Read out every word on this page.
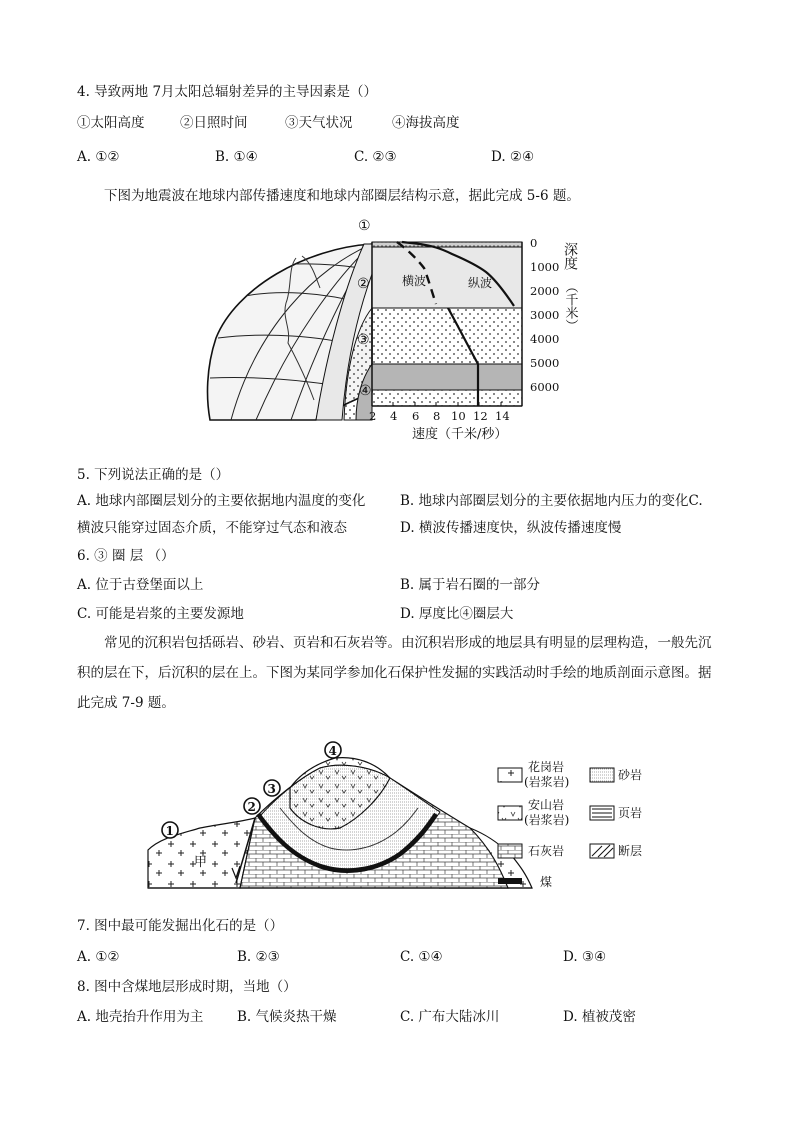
4. 导致两地 7月太阳总辐射差异的主导因素是（）
①太阳高度	②日照时间	③天气状况	④海拔高度
A. ①②	B. ①④	C. ②③	D. ②④
下图为地震波在地球内部传播速度和地球内部圈层结构示意，据此完成 5-6 题。
横波	纵波
0
1000
2000
3000
4000
5000
6000
深度
（千米）
2 4 6 8 10 12 14
速度（千米/秒）
①
②
③
④
5. 下列说法正确的是（）
A. 地球内部圈层划分的主要依据地内温度的变化	B. 地球内部圈层划分的主要依据地内压力的变化C.
横波只能穿过固态介质，不能穿过气态和液态	D. 横波传播速度快，纵波传播速度慢
6. ③ 圈 层 （）
A. 位于古登堡面以上	B. 属于岩石圈的一部分
C. 可能是岩浆的主要发源地	D. 厚度比④圈层大
常见的沉积岩包括砾岩、砂岩、页岩和石灰岩等。由沉积岩形成的地层具有明显的层理构造，一般先沉积的层在下，后沉积的层在上。下图为某同学参加化石保护性发掘的实践活动时手绘的地质剖面示意图。据此完成 7-9 题。
甲
1
2
3
4
花岗岩
(岩浆岩)	砂岩
安山岩
(岩浆岩)	页岩
石灰岩	断层
煤
7. 图中最可能发掘出化石的是（）
A. ①②	B. ②③	C. ①④	D. ③④
8. 图中含煤地层形成时期，当地（）
A. 地壳抬升作用为主 B. 气候炎热干燥	C. 广布大陆冰川	D. 植被茂密
